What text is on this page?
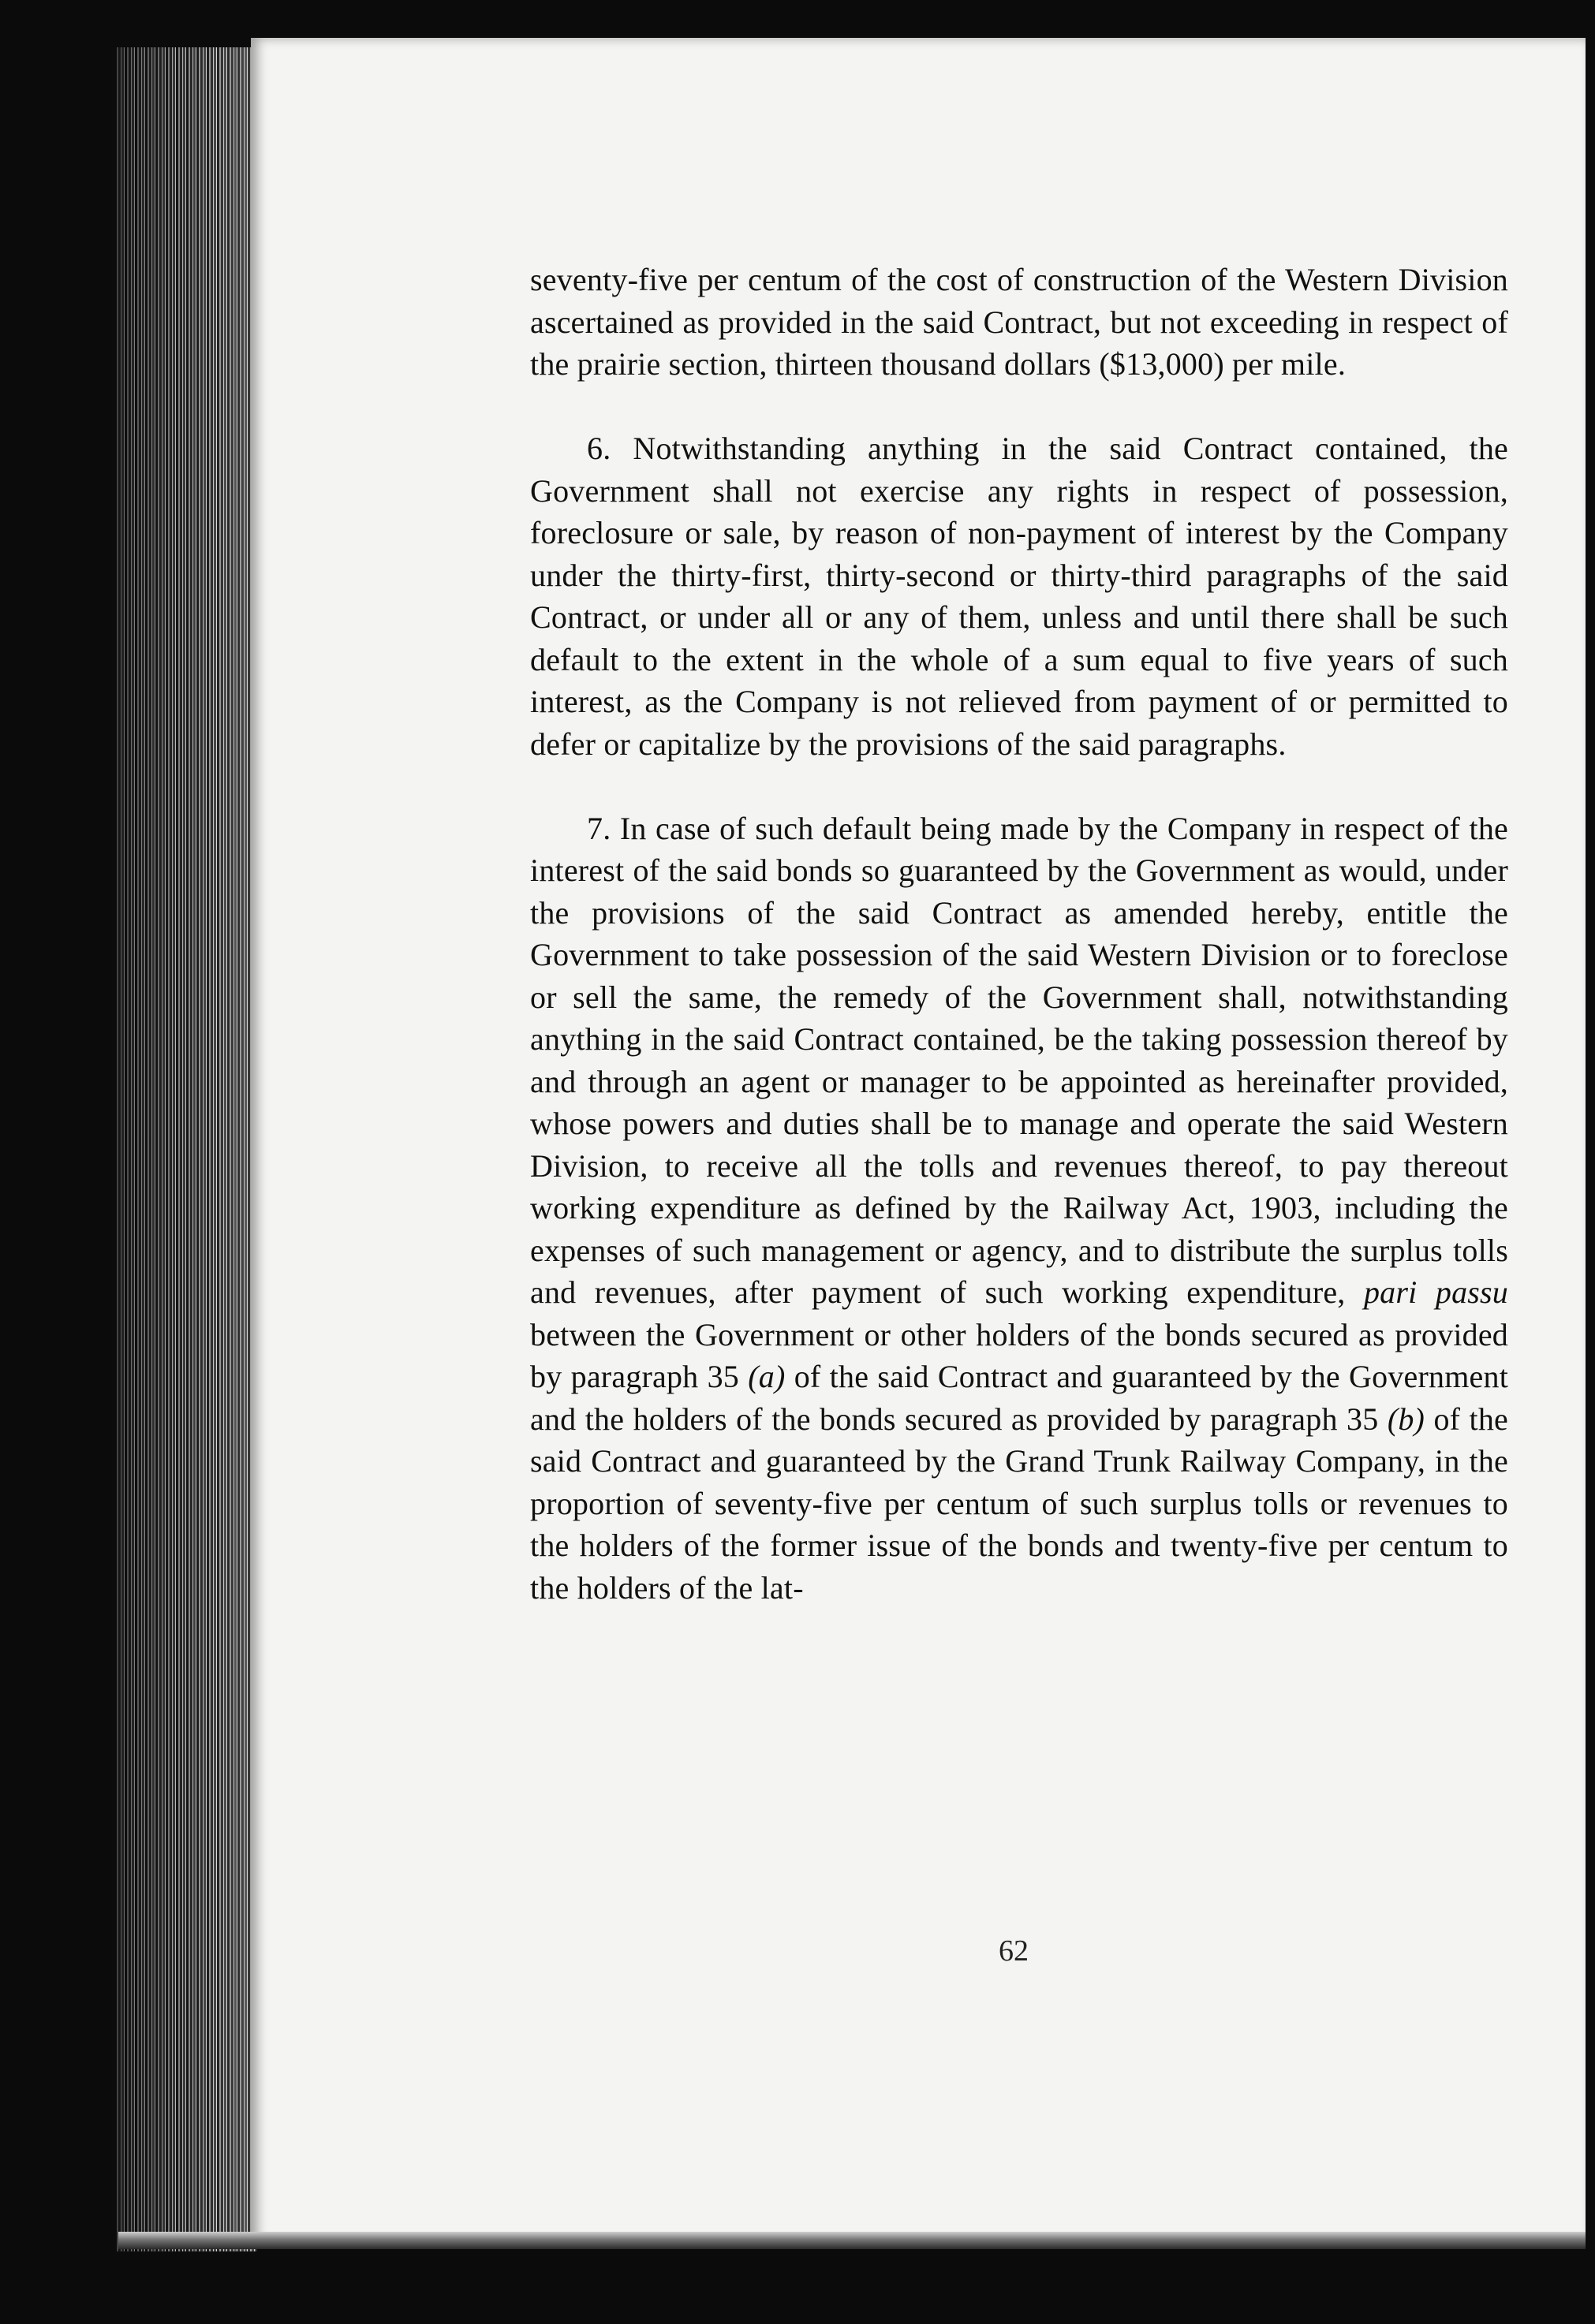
seventy-five per centum of the cost of construction of the Western Division ascertained as provided in the said Contract, but not exceeding in respect of the prairie section, thirteen thousand dollars ($13,000) per mile.

6. Notwithstanding anything in the said Contract contained, the Government shall not exercise any rights in respect of possession, foreclosure or sale, by reason of non-payment of interest by the Company under the thirty-first, thirty-second or thirty-third paragraphs of the said Contract, or under all or any of them, unless and until there shall be such default to the extent in the whole of a sum equal to five years of such interest, as the Company is not relieved from payment of or permitted to defer or capitalize by the provisions of the said paragraphs.

7. In case of such default being made by the Company in respect of the interest of the said bonds so guaranteed by the Government as would, under the provisions of the said Contract as amended hereby, entitle the Government to take possession of the said Western Division or to foreclose or sell the same, the remedy of the Government shall, notwithstanding anything in the said Contract contained, be the taking possession thereof by and through an agent or manager to be appointed as hereinafter provided, whose powers and duties shall be to manage and operate the said Western Division, to receive all the tolls and revenues thereof, to pay thereout working expenditure as defined by the Railway Act, 1903, including the expenses of such management or agency, and to distribute the surplus tolls and revenues, after payment of such working expenditure, pari passu between the Government or other holders of the bonds secured as provided by paragraph 35 (a) of the said Contract and guaranteed by the Government and the holders of the bonds secured as provided by paragraph 35 (b) of the said Contract and guaranteed by the Grand Trunk Railway Company, in the proportion of seventy-five per centum of such surplus tolls or revenues to the holders of the former issue of the bonds and twenty-five per centum to the holders of the lat-

62
